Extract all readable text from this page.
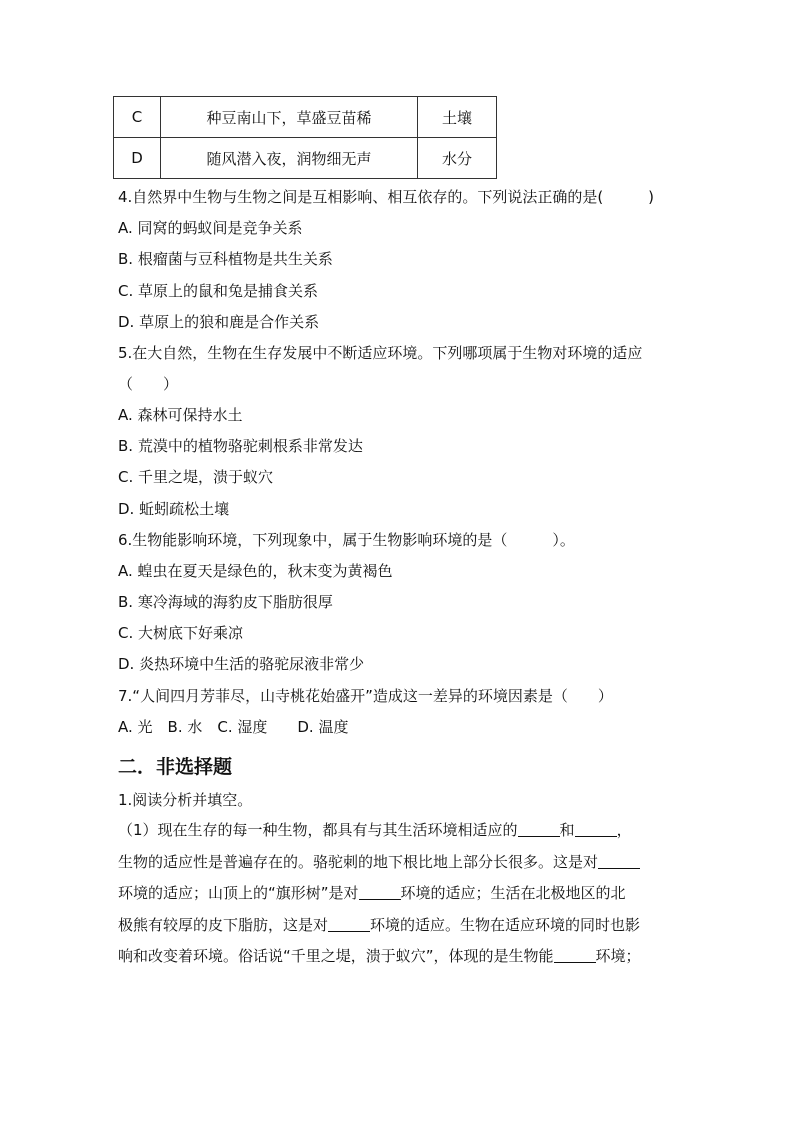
C	种豆南山下，草盛豆苗稀	土壤
D	随风潜入夜，润物细无声	水分
4.自然界中生物与生物之间是互相影响、相互依存的。下列说法正确的是(　　　)
A. 同窝的蚂蚁间是竞争关系
B. 根瘤菌与豆科植物是共生关系
C. 草原上的鼠和兔是捕食关系
D. 草原上的狼和鹿是合作关系
5.在大自然，生物在生存发展中不断适应环境。下列哪项属于生物对环境的适应
（　　）
A. 森林可保持水土
B. 荒漠中的植物骆驼刺根系非常发达
C. 千里之堤，溃于蚁穴
D. 蚯蚓疏松土壤
6.生物能影响环境，下列现象中，属于生物影响环境的是（　　　）。
A. 蝗虫在夏天是绿色的，秋末变为黄褐色
B. 寒冷海域的海豹皮下脂肪很厚
C. 大树底下好乘凉
D. 炎热环境中生活的骆驼尿液非常少
7.“人间四月芳菲尽，山寺桃花始盛开”造成这一差异的环境因素是（　　）
A. 光　B. 水　C. 湿度　　D. 温度
二．非选择题
1.阅读分析并填空。

（1）现在生存的每一种生物，都具有与其生活环境相适应的	和	，

生物的适应性是普遍存在的。骆驼刺的地下根比地上部分长很多。这是对

环境的适应；山顶上的“旗形树”是对	环境的适应；生活在北极地区的北

极熊有较厚的皮下脂肪，这是对	环境的适应。生物在适应环境的同时也影

响和改变着环境。俗话说“千里之堤，溃于蚁穴”，体现的是生物能	环境；
